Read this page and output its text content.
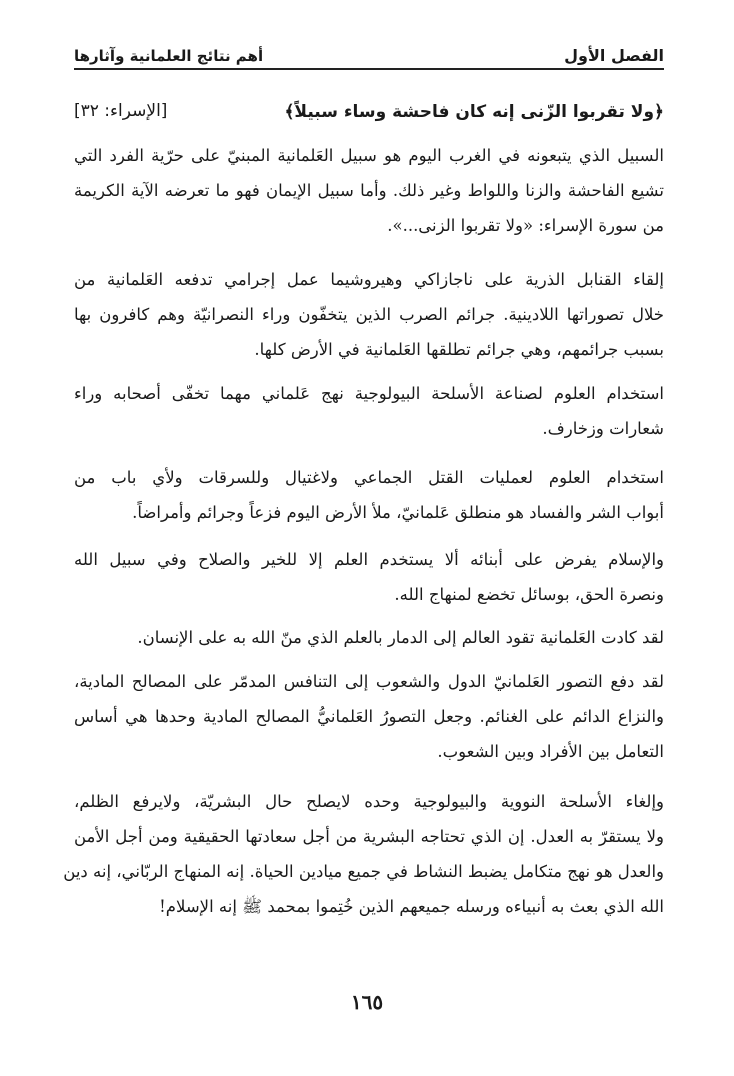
الفصل الأول
أهم نتائج العلمانية وآثارها
﴿ولا تقربوا الزّنى إنه كان فاحشة وساء سبيلاً﴾
[الإسراء: ٣٢]
السبيل الذي يتبعونه في الغرب اليوم هو سبيل العَلمانية المبنيّ على حرّية الفرد التي
تشيع الفاحشة والزنا واللواط وغير ذلك. وأما سبيل الإيمان فهو ما تعرضه الآية الكريمة
من سورة الإسراء: «ولا تقربوا الزنى...».
إلقاء القنابل الذرية على ناجازاكي وهيروشيما عمل إجرامي تدفعه العَلمانية من
خلال تصوراتها اللادينية. جرائم الصرب الذين يتخفّون وراء النصرانيّة وهم كافرون بها
بسبب جرائمهم، وهي جرائم تطلقها العَلمانية في الأرض كلها.
استخدام العلوم لصناعة الأسلحة البيولوجية نهج عَلماني مهما تخفّى أصحابه وراء
شعارات وزخارف.
استخدام العلوم لعمليات القتل الجماعي ولاغتيال وللسرقات ولأي باب من
أبواب الشر والفساد هو منطلق عَلمانيّ، ملأ الأرض اليوم فزعاً وجرائم وأمراضاً.
والإسلام يفرض على أبنائه ألا يستخدم العلم إلا للخير والصلاح وفي سبيل الله
ونصرة الحق، بوسائل تخضع لمنهاج الله.
لقد كادت العَلمانية تقود العالم إلى الدمار بالعلم الذي منّ الله به على الإنسان.
لقد دفع التصور العَلمانيّ الدول والشعوب إلى التنافس المدمّر على المصالح المادية،
والنزاع الدائم على الغنائم. وجعل التصورُ العَلمانيُّ المصالح المادية وحدها هي أساس
التعامل بين الأفراد وبين الشعوب.
وإلغاء الأسلحة النووية والبيولوجية وحده لايصلح حال البشريّة، ولايرفع الظلم،
ولا يستقرّ به العدل. إن الذي تحتاجه البشرية من أجل سعادتها الحقيقية ومن أجل الأمن
والعدل هو نهج متكامل يضبط النشاط في جميع ميادين الحياة. إنه المنهاج الربّاني، إنه دين
الله الذي بعث به أنبياءه ورسله جميعهم الذين خُتِموا بمحمد ﷺ إنه الإسلام!
١٦٥
